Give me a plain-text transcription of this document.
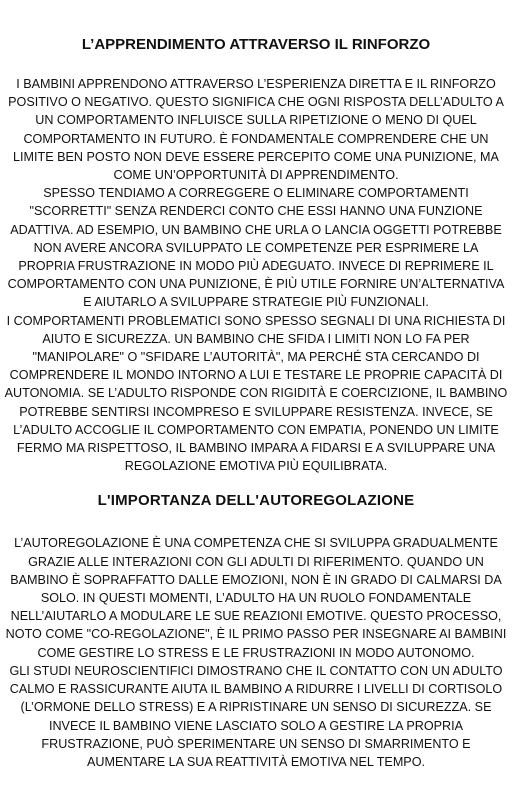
L’APPRENDIMENTO ATTRAVERSO IL RINFORZO

I BAMBINI APPRENDONO ATTRAVERSO L’ESPERIENZA DIRETTA E IL RINFORZO POSITIVO O NEGATIVO. QUESTO SIGNIFICA CHE OGNI RISPOSTA DELL’ADULTO A UN COMPORTAMENTO INFLUISCE SULLA RIPETIZIONE O MENO DI QUEL COMPORTAMENTO IN FUTURO. È FONDAMENTALE COMPRENDERE CHE UN LIMITE BEN POSTO NON DEVE ESSERE PERCEPITO COME UNA PUNIZIONE, MA COME UN’OPPORTUNITÀ DI APPRENDIMENTO.

SPESSO TENDIAMO A CORREGGERE O ELIMINARE COMPORTAMENTI "SCORRETTI" SENZA RENDERCI CONTO CHE ESSI HANNO UNA FUNZIONE ADATTIVA. AD ESEMPIO, UN BAMBINO CHE URLA O LANCIA OGGETTI POTREBBE NON AVERE ANCORA SVILUPPATO LE COMPETENZE PER ESPRIMERE LA PROPRIA FRUSTRAZIONE IN MODO PIÙ ADEGUATO. INVECE DI REPRIMERE IL COMPORTAMENTO CON UNA PUNIZIONE, È PIÙ UTILE FORNIRE UN’ALTERNATIVA E AIUTARLO A SVILUPPARE STRATEGIE PIÙ FUNZIONALI.

I COMPORTAMENTI PROBLEMATICI SONO SPESSO SEGNALI DI UNA RICHIESTA DI AIUTO E SICUREZZA. UN BAMBINO CHE SFIDA I LIMITI NON LO FA PER "MANIPOLARE" O "SFIDARE L’AUTORITÀ", MA PERCHÉ STA CERCANDO DI COMPRENDERE IL MONDO INTORNO A LUI E TESTARE LE PROPRIE CAPACITÀ DI AUTONOMIA. SE L’ADULTO RISPONDE CON RIGIDITÀ E COERCIZIONE, IL BAMBINO POTREBBE SENTIRSI INCOMPRESO E SVILUPPARE RESISTENZA. INVECE, SE L’ADULTO ACCOGLIE IL COMPORTAMENTO CON EMPATIA, PONENDO UN LIMITE FERMO MA RISPETTOSO, IL BAMBINO IMPARA A FIDARSI E A SVILUPPARE UNA REGOLAZIONE EMOTIVA PIÙ EQUILIBRATA.

L'IMPORTANZA DELL'AUTOREGOLAZIONE

L’AUTOREGOLAZIONE È UNA COMPETENZA CHE SI SVILUPPA GRADUALMENTE GRAZIE ALLE INTERAZIONI CON GLI ADULTI DI RIFERIMENTO. QUANDO UN BAMBINO È SOPRAFFATTO DALLE EMOZIONI, NON È IN GRADO DI CALMARSI DA SOLO. IN QUESTI MOMENTI, L’ADULTO HA UN RUOLO FONDAMENTALE NELL’AIUTARLO A MODULARE LE SUE REAZIONI EMOTIVE. QUESTO PROCESSO, NOTO COME "CO-REGOLAZIONE", È IL PRIMO PASSO PER INSEGNARE AI BAMBINI COME GESTIRE LO STRESS E LE FRUSTRAZIONI IN MODO AUTONOMO.

GLI STUDI NEUROSCIENTIFICI DIMOSTRANO CHE IL CONTATTO CON UN ADULTO CALMO E RASSICURANTE AIUTA IL BAMBINO A RIDURRE I LIVELLI DI CORTISOLO (L’ORMONE DELLO STRESS) E A RIPRISTINARE UN SENSO DI SICUREZZA. SE INVECE IL BAMBINO VIENE LASCIATO SOLO A GESTIRE LA PROPRIA FRUSTRAZIONE, PUÒ SPERIMENTARE UN SENSO DI SMARRIMENTO E AUMENTARE LA SUA REATTIVITÀ EMOTIVA NEL TEMPO.
